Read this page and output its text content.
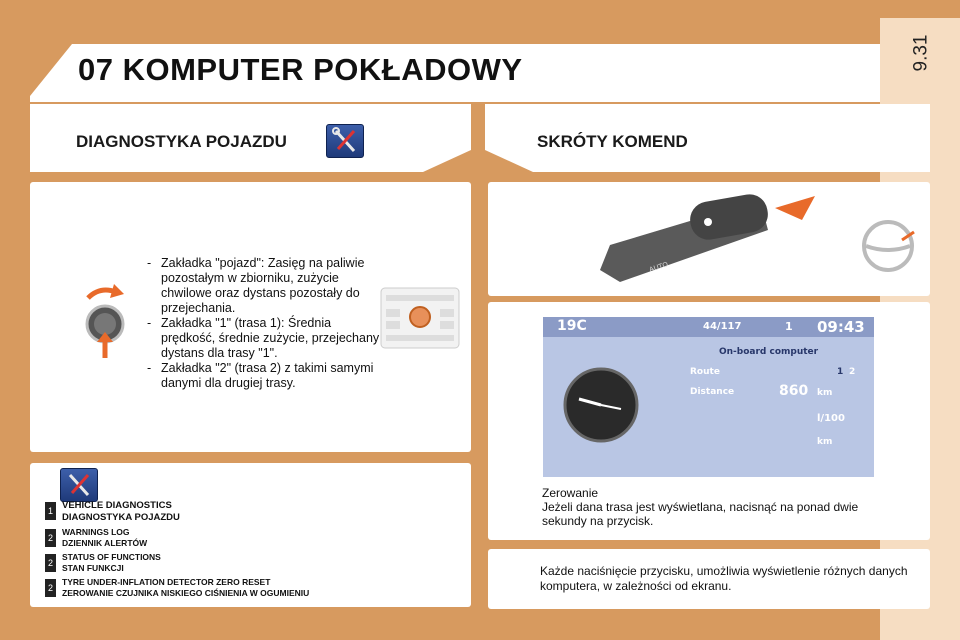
9.31
07 KOMPUTER POKŁADOWY
DIAGNOSTYKA POJAZDU	SKRÓTY KOMEND
- Zakładka "pojazd": Zasięg na paliwie pozostałym w zbiorniku, zużycie chwilowe oraz dystans pozostały do przejechania.
- Zakładka "1" (trasa 1): Średnia prędkość, średnie zużycie, przejechany dystans dla trasy "1".
- Zakładka "2" (trasa 2) z takimi samymi danymi dla drugiej trasy.
1 VEHICLE DIAGNOSTICS
DIAGNOSTYKA POJAZDU
2
WARNINGS LOG
DZIENNIK ALERTÓW
2
STATUS OF FUNCTIONS
STAN FUNKCJI
2
TYRE UNDER-INFLATION DETECTOR ZERO RESET
ZEROWANIE CZUJNIKA NISKIEGO CIŚNIENIA W OGUMIENIU
AUTO
19C	44/117	1 09:43
On-board computer
Route	1 2
Distance	860 km
l/100
km
Zerowanie
Jeżeli dana trasa jest wyświetlana, nacisnąć na ponad dwie sekundy na przycisk.
Każde naciśnięcie przycisku, umożliwia wyświetlenie różnych danych komputera, w zależności od ekranu.
